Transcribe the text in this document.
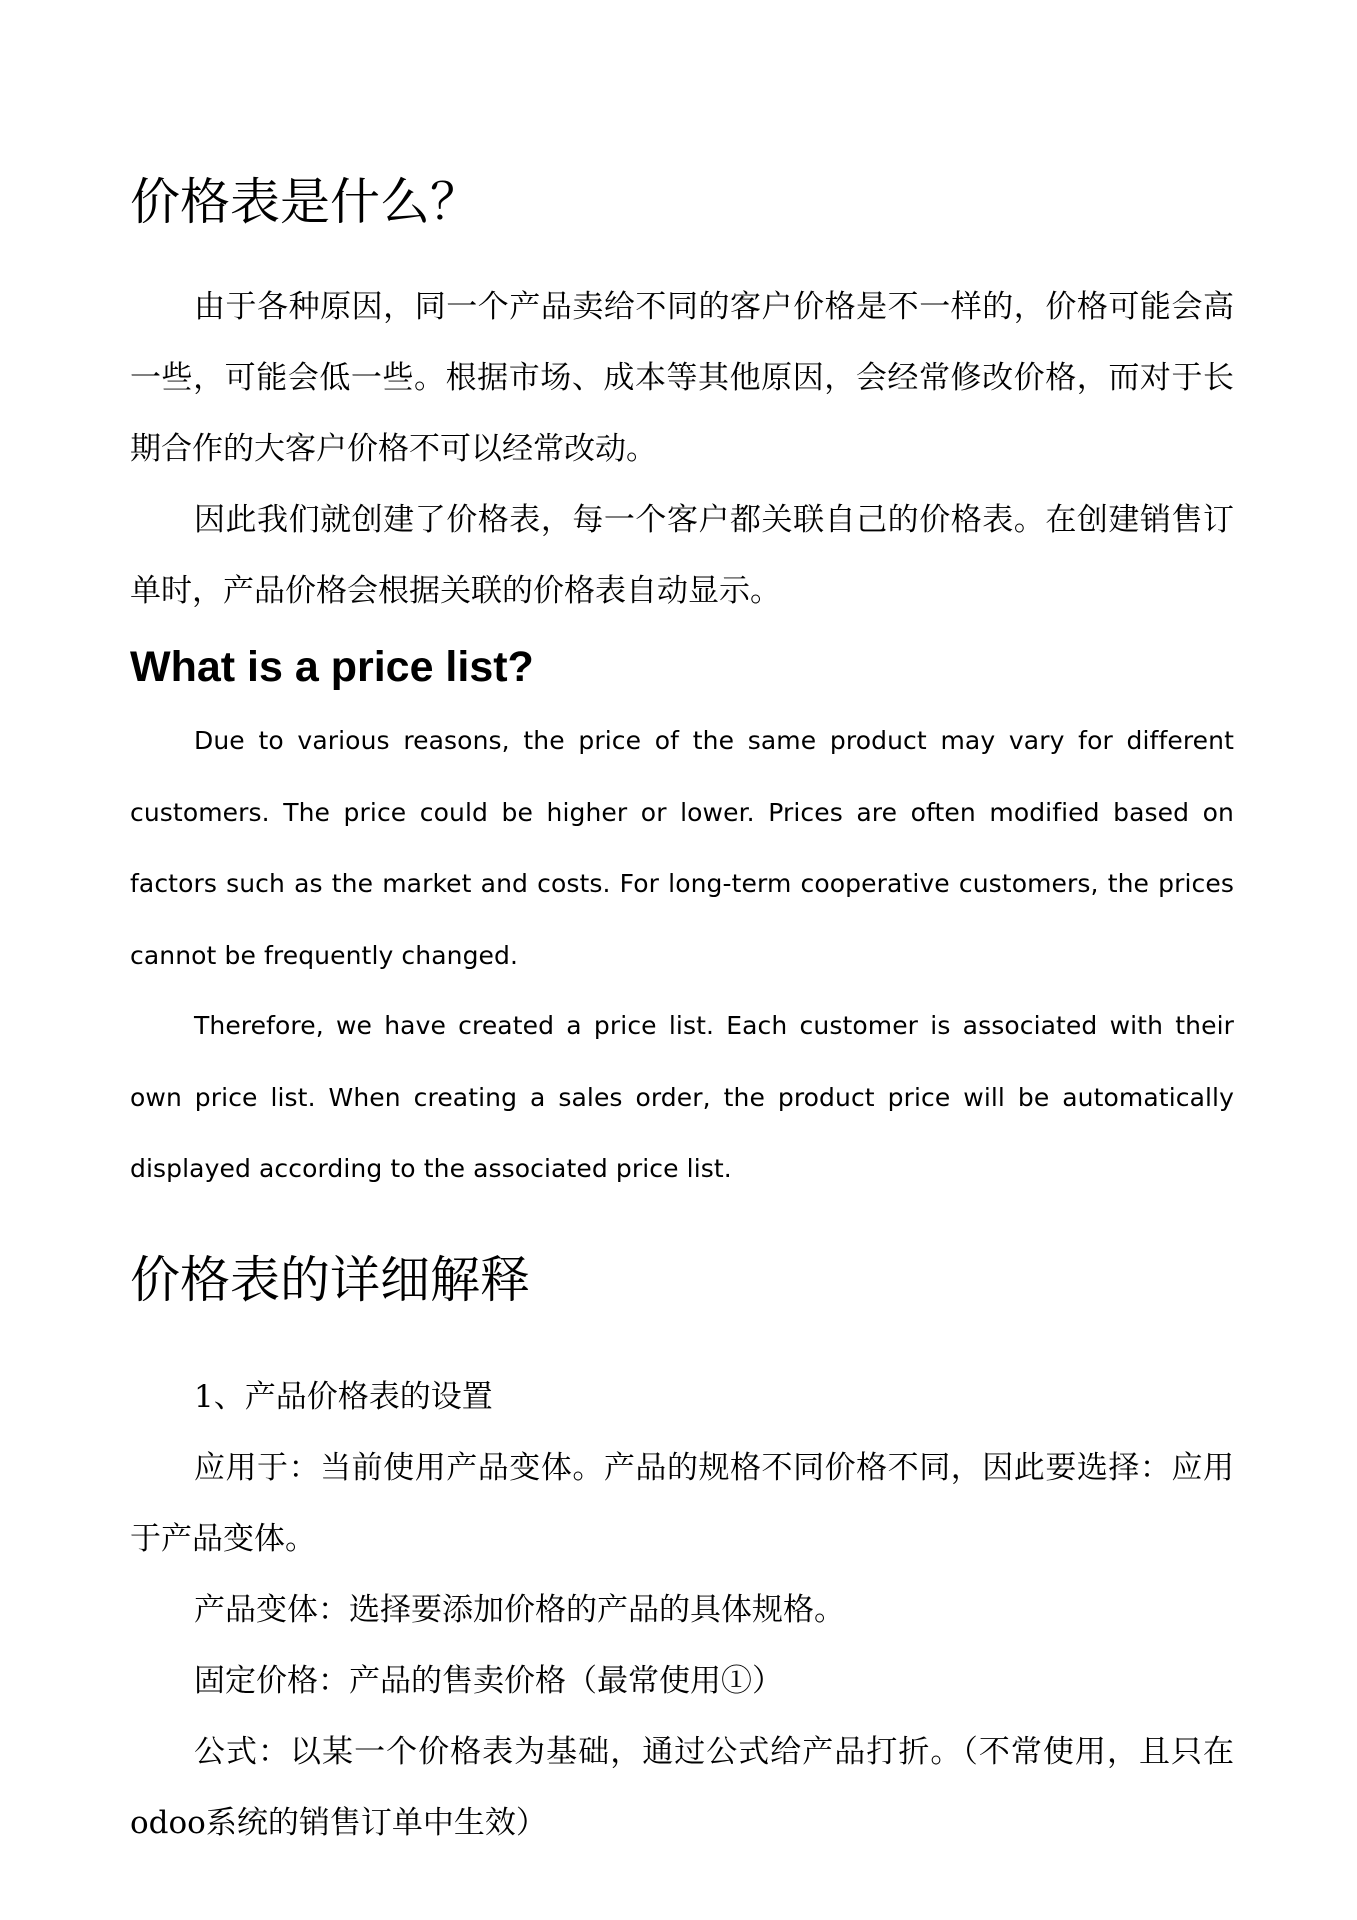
价格表是什么？

由于各种原因，同一个产品卖给不同的客户价格是不一样的，价格可能会高一些，可能会低一些。根据市场、成本等其他原因，会经常修改价格，而对于长期合作的大客户价格不可以经常改动。

因此我们就创建了价格表，每一个客户都关联自己的价格表。在创建销售订单时，产品价格会根据关联的价格表自动显示。

What is a price list?

Due to various reasons, the price of the same product may vary for different customers. The price could be higher or lower. Prices are often modified based on factors such as the market and costs. For long-term cooperative customers, the prices cannot be frequently changed.

Therefore, we have created a price list. Each customer is associated with their own price list. When creating a sales order, the product price will be automatically displayed according to the associated price list.

价格表的详细解释

1、产品价格表的设置

应用于：当前使用产品变体。产品的规格不同价格不同，因此要选择：应用于产品变体。

产品变体：选择要添加价格的产品的具体规格。

固定价格：产品的售卖价格（最常使用①）

公式：以某一个价格表为基础，通过公式给产品打折。（不常使用，且只在odoo系统的销售订单中生效）
